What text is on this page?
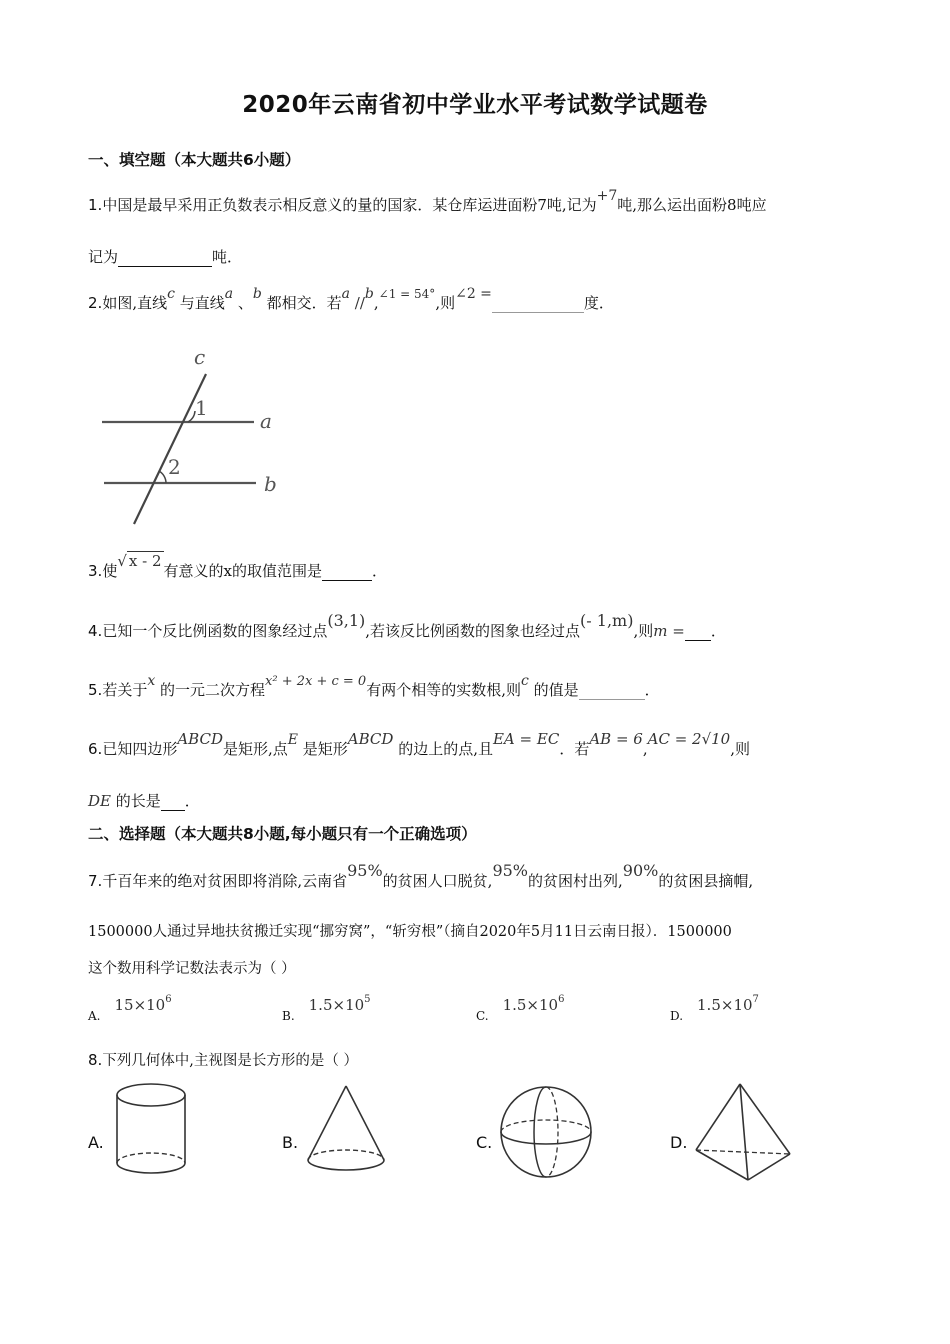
2020年云南省初中学业水平考试数学试题卷
一、填空题（本大题共6小题）
1.中国是最早采用正负数表示相反意义的量的国家．某仓库运进面粉7吨,记为+7吨,那么运出面粉8吨应
记为	吨．
2.如图,直线c 与直线a 、b 都相交．若a //b,$^{\angle 1 = 54^\circ}$,则∠2 =	度．
c
a
b
1
2
3.使√ x - 2有意义的x的取值范围是	．
4.已知一个反比例函数的图象经过点(3,1),若该反比例函数的图象也经过点(- 1,m),则m = ．
5.若关于x 的一元二次方程x² + 2x + c = 0有两个相等的实数根,则c 的值是	．
6.已知四边形ABCD是矩形,点E 是矩形ABCD 的边上的点,且EA = EC．若AB = 6,AC = 2√10,则
DE 的长是 ．
二、选择题（本大题共8小题,每小题只有一个正确选项）
7.千百年来的绝对贫困即将消除,云南省95%的贫困人口脱贫,95%的贫困村出列,90%的贫困县摘帽,
1500000人通过异地扶贫搬迁实现“挪穷窝”，“斩穷根”（摘自2020年5月11日云南日报）．1500000
这个数用科学记数法表示为（ ）
$_{A.}15\times 10^6$
$_{B.}1.5\times 10^5$
$_{C.}1.5\times 10^6$
$_{D.}1.5\times 10^7$
8.下列几何体中,主视图是长方形的是（ ）
A.	B.	C.	D.
